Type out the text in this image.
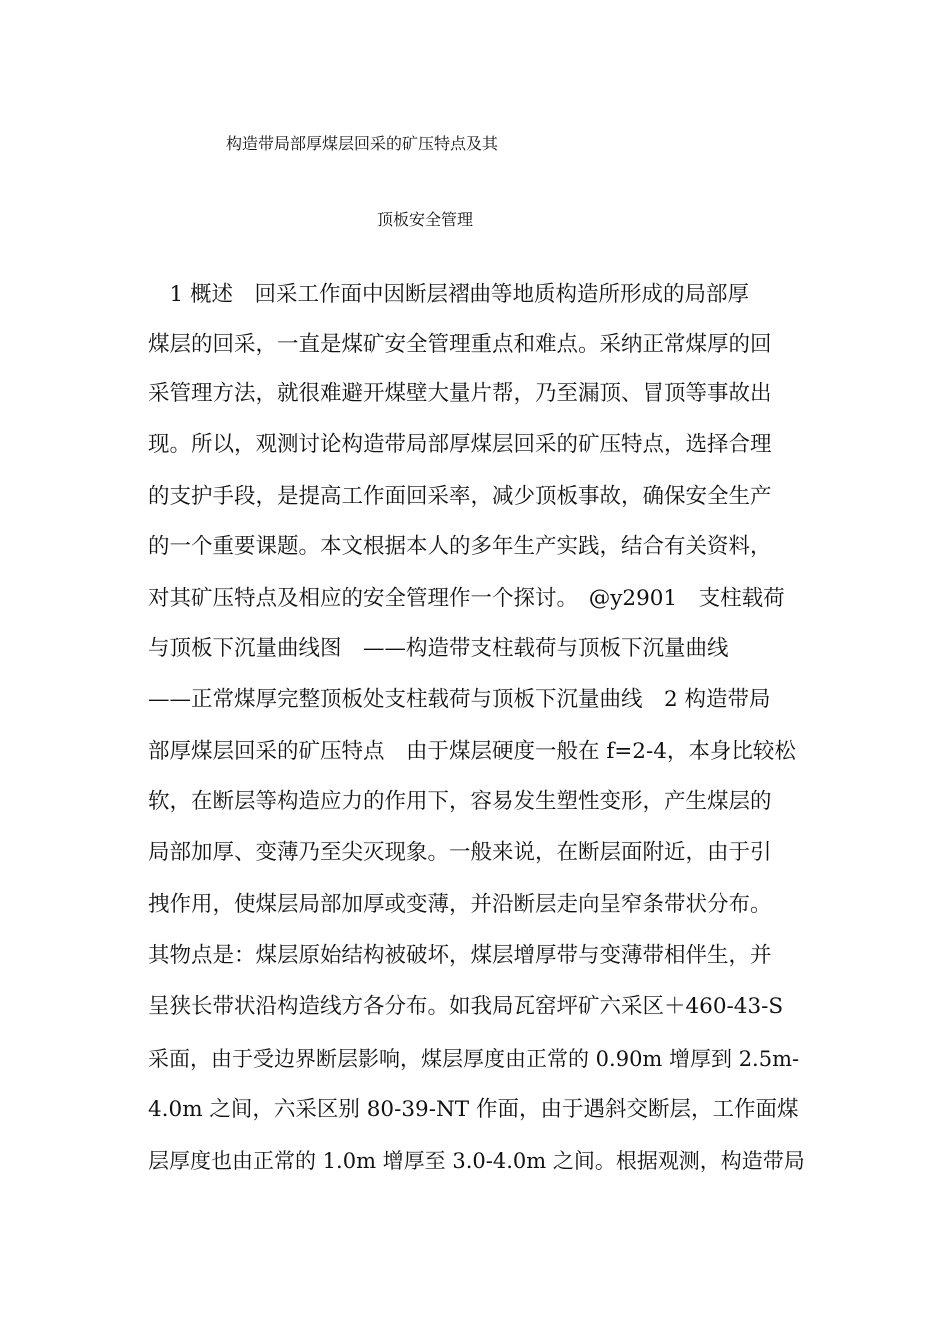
构造带局部厚煤层回采的矿压特点及其
顶板安全管理

　1 概述　回采工作面中因断层褶曲等地质构造所形成的局部厚

煤层的回采，一直是煤矿安全管理重点和难点。采纳正常煤厚的回

采管理方法，就很难避开煤壁大量片帮，乃至漏顶、冒顶等事故出

现。所以，观测讨论构造带局部厚煤层回采的矿压特点，选择合理

的支护手段，是提高工作面回采率，减少顶板事故，确保安全生产

的一个重要课题。本文根据本人的多年生产实践，结合有关资料，

对其矿压特点及相应的安全管理作一个探讨。　@y2901　支柱载荷

与顶板下沉量曲线图　——构造带支柱载荷与顶板下沉量曲线

——正常煤厚完整顶板处支柱载荷与顶板下沉量曲线　2 构造带局

部厚煤层回采的矿压特点　由于煤层硬度一般在 f=2-4，本身比较松

软，在断层等构造应力的作用下，容易发生塑性变形，产生煤层的

局部加厚、变薄乃至尖灭现象。一般来说，在断层面附近，由于引

拽作用，使煤层局部加厚或变薄，并沿断层走向呈窄条带状分布。

其物点是：煤层原始结构被破坏，煤层增厚带与变薄带相伴生，并

呈狭长带状沿构造线方各分布。如我局瓦窑坪矿六采区＋460-43-S

采面，由于受边界断层影响，煤层厚度由正常的 0.90m 增厚到 2.5m-

4.0m 之间，六采区别 80-39-NT 作面，由于遇斜交断层，工作面煤

层厚度也由正常的 1.0m 增厚至 3.0-4.0m 之间。根据观测，构造带局
